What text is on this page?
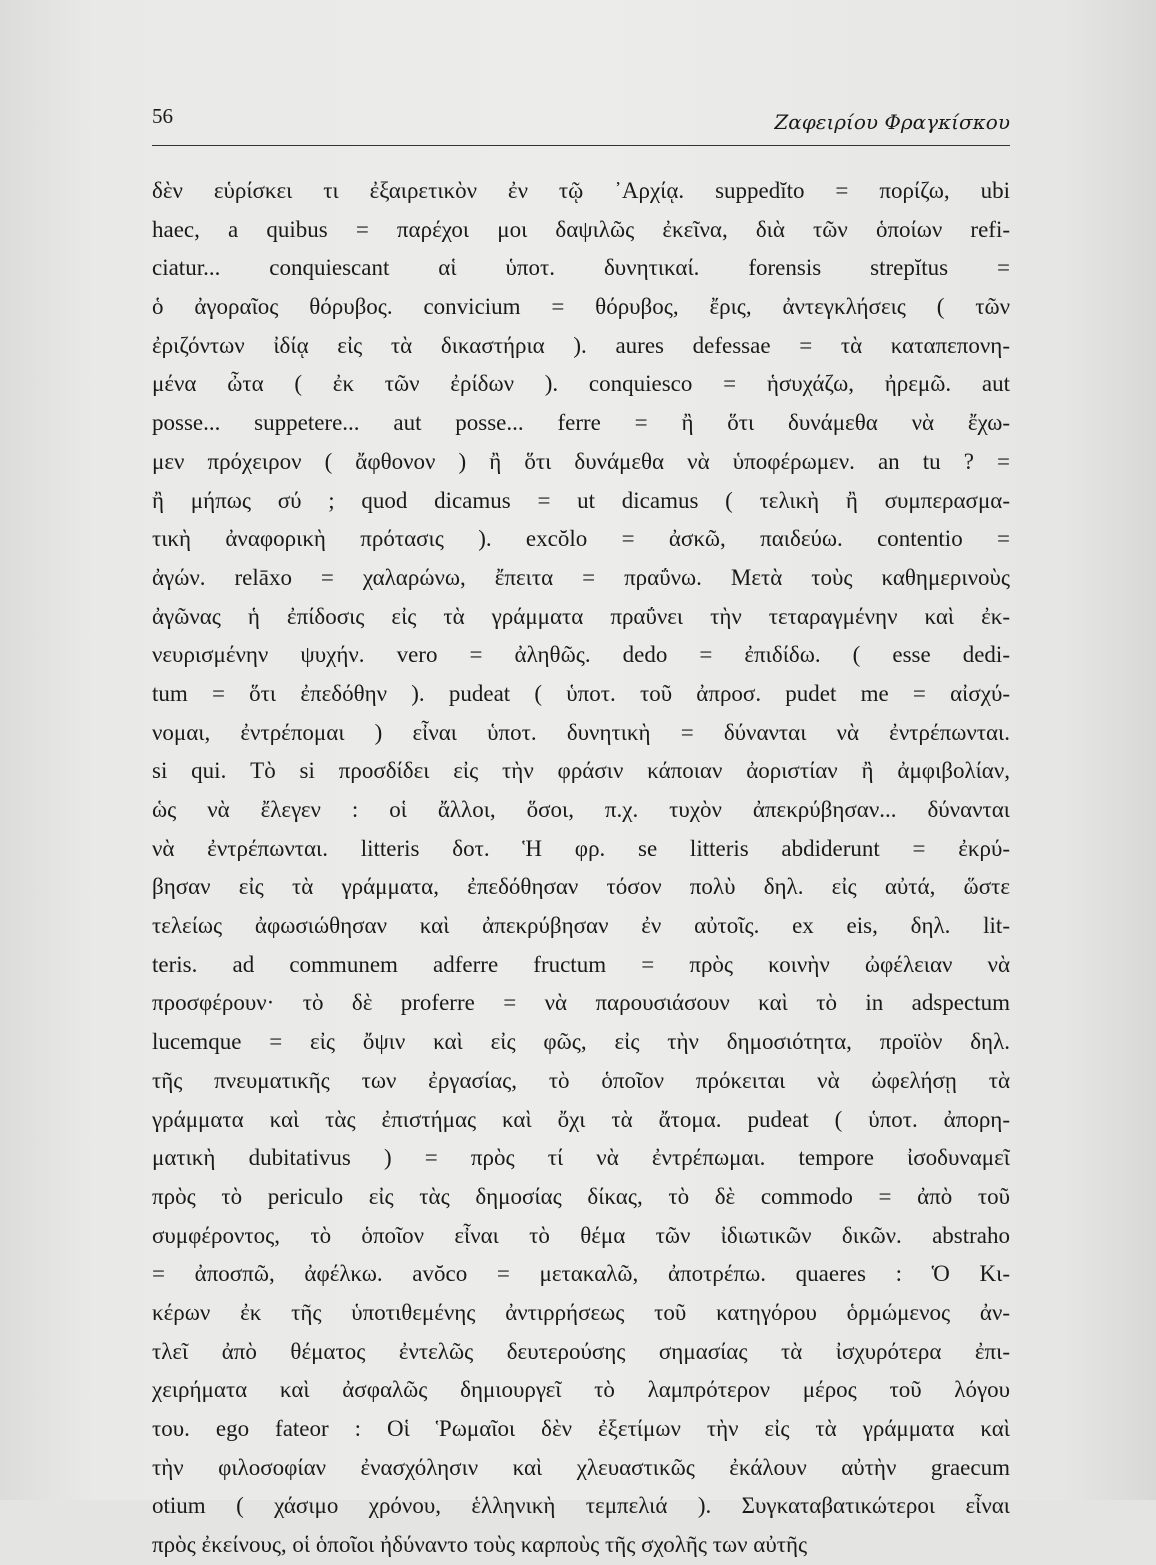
56	Ζαφειρίου Φραγκίσκου
δὲν εὑρίσκει τι ἐξαιρετικὸν ἐν τῷ ᾿Αρχίᾳ. suppedĭto = πορίζω, ubi
haec, a quibus = παρέχοι μοι δαψιλῶς ἐκεῖνα, διὰ τῶν ὁποίων refi-
ciatur... conquiescant αἱ ὑποτ. δυνητικαί. forensis strepĭtus =
ὁ ἀγοραῖος θόρυβος. convicium = θόρυβος, ἔρις, ἀντεγκλήσεις ( τῶν
ἐριζόντων ἰδίᾳ εἰς τὰ δικαστήρια ). aures defessae = τὰ καταπεπονη-
μένα ὦτα ( ἐκ τῶν ἐρίδων ). conquiesco = ἡσυχάζω, ἠρεμῶ. aut
posse... suppetere... aut posse... ferre = ἢ ὅτι δυνάμεθα νὰ ἔχω-
μεν πρόχειρον ( ἄφθονον ) ἢ ὅτι δυνάμεθα νὰ ὑποφέρωμεν. an tu ? =
ἢ μήπως σύ ; quod dicamus = ut dicamus ( τελικὴ ἢ συμπερασμα-
τικὴ ἀναφορικὴ πρότασις ). excŏlo = ἀσκῶ, παιδεύω. contentio =
ἀγών. relāxo = χαλαρώνω, ἔπειτα = πραΰνω. Μετὰ τοὺς καθημερινοὺς
ἀγῶνας ἡ ἐπίδοσις εἰς τὰ γράμματα πραΰνει τὴν τεταραγμένην καὶ ἐκ-
νευρισμένην ψυχήν. vero = ἀληθῶς. dedo = ἐπιδίδω. ( esse dedi-
tum = ὅτι ἐπεδόθην ). pudeat ( ὑποτ. τοῦ ἀπροσ. pudet me = αἰσχύ-
νομαι, ἐντρέπομαι ) εἶναι ὑποτ. δυνητικὴ = δύνανται νὰ ἐντρέπωνται.
si qui. Τὸ si προσδίδει εἰς τὴν φράσιν κάποιαν ἀοριστίαν ἢ ἀμφιβολίαν,
ὡς νὰ ἔλεγεν : οἱ ἄλλοι, ὅσοι, π.χ. τυχὸν ἀπεκρύβησαν... δύνανται
νὰ ἐντρέπωνται. litteris δοτ. Ἡ φρ. se litteris abdiderunt = ἐκρύ-
βησαν εἰς τὰ γράμματα, ἐπεδόθησαν τόσον πολὺ δηλ. εἰς αὐτά, ὥστε
τελείως ἀφωσιώθησαν καὶ ἀπεκρύβησαν ἐν αὐτοῖς. ex eis, δηλ. lit-
teris. ad communem adferre fructum = πρὸς κοινὴν ὠφέλειαν νὰ
προσφέρουν· τὸ δὲ proferre = νὰ παρουσιάσουν καὶ τὸ in adspectum
lucemque = εἰς ὄψιν καὶ εἰς φῶς, εἰς τὴν δημοσιότητα, προϊὸν δηλ.
τῆς πνευματικῆς των ἐργασίας, τὸ ὁποῖον πρόκειται νὰ ὠφελήσῃ τὰ
γράμματα καὶ τὰς ἐπιστήμας καὶ ὄχι τὰ ἄτομα. pudeat ( ὑποτ. ἀπορη-
ματικὴ dubitativus ) = πρὸς τί νὰ ἐντρέπωμαι. tempore ἰσοδυναμεῖ
πρὸς τὸ periculo εἰς τὰς δημοσίας δίκας, τὸ δὲ commodo = ἀπὸ τοῦ
συμφέροντος, τὸ ὁποῖον εἶναι τὸ θέμα τῶν ἰδιωτικῶν δικῶν. abstraho
= ἀποσπῶ, ἀφέλκω. avŏco = μετακαλῶ, ἀποτρέπω. quaeres : Ὁ Κι-
κέρων ἐκ τῆς ὑποτιθεμένης ἀντιρρήσεως τοῦ κατηγόρου ὁρμώμενος ἀν-
τλεῖ ἀπὸ θέματος ἐντελῶς δευτερούσης σημασίας τὰ ἰσχυρότερα ἐπι-
χειρήματα καὶ ἀσφαλῶς δημιουργεῖ τὸ λαμπρότερον μέρος τοῦ λόγου
του. ego fateor : Οἱ Ῥωμαῖοι δὲν ἐξετίμων τὴν εἰς τὰ γράμματα καὶ
τὴν φιλοσοφίαν ἐνασχόλησιν καὶ χλευαστικῶς ἐκάλουν αὐτὴν graecum
otium ( χάσιμο χρόνου, ἑλληνικὴ τεμπελιά ). Συγκαταβατικώτεροι εἶναι
πρὸς ἐκείνους, οἱ ὁποῖοι ἠδύναντο τοὺς καρποὺς τῆς σχολῆς των αὐτῆς
